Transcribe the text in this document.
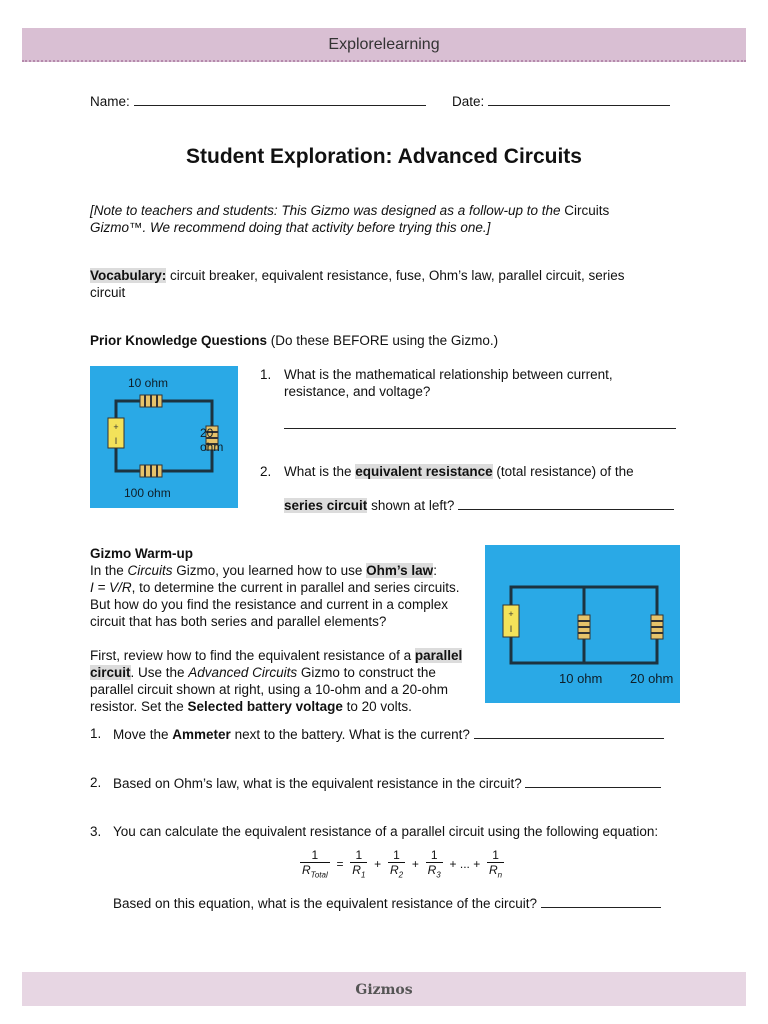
Explorelearning
Name:	Date:
Student Exploration: Advanced Circuits
[Note to teachers and students: This Gizmo was designed as a follow-up to the Circuits
Gizmo™. We recommend doing that activity before trying this one.]
Vocabulary: circuit breaker, equivalent resistance, fuse, Ohm’s law, parallel circuit, series
circuit
Prior Knowledge Questions (Do these BEFORE using the Gizmo.)
+
I
10 ohm
20
ohm
100 ohm
1. What is the mathematical relationship between current,
resistance, and voltage?
2. What is the equivalent resistance (total resistance) of the
series circuit shown at left?
Gizmo Warm-up
In the Circuits Gizmo, you learned how to use Ohm’s law:
I = V/R, to determine the current in parallel and series circuits.
But how do you find the resistance and current in a complex
circuit that has both series and parallel elements?
First, review how to find the equivalent resistance of a parallel
circuit. Use the Advanced Circuits Gizmo to construct the
parallel circuit shown at right, using a 10-ohm and a 20-ohm
resistor. Set the Selected battery voltage to 20 volts.
+
I
10 ohm 20 ohm
1. Move the Ammeter next to the battery. What is the current?
2. Based on Ohm’s law, what is the equivalent resistance in the circuit?
3. You can calculate the equivalent resistance of a parallel circuit using the following equation:
$\frac{1}{R_{Total}} = \frac{1}{R_1} + \frac{1}{R_2} + \frac{1}{R_3}$ + ... + $\frac{1}{R_n}$
Based on this equation, what is the equivalent resistance of the circuit?
Gizmos
